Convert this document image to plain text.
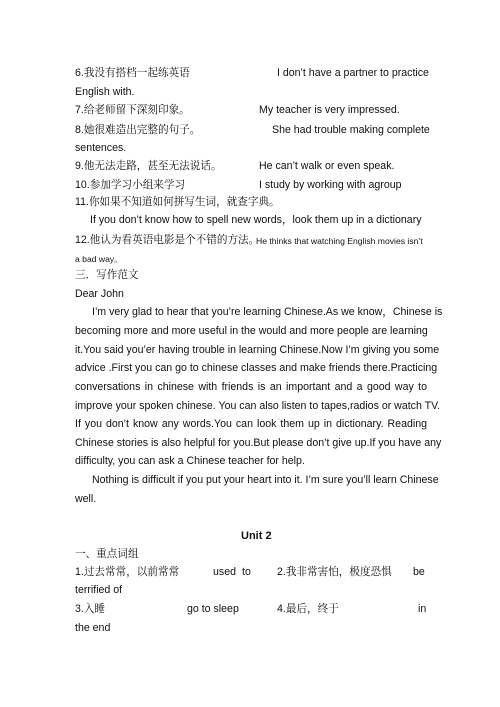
6.我没有搭档一起练英语	I don’t have a partner to practice
English with.
7.给老师留下深刻印象。	My teacher is very impressed.
8.她很难造出完整的句子。	She had trouble making complete
sentences.
9.他无法走路，甚至无法说话。	He can’t walk or even speak.
10.参加学习小组来学习	I study by working with agroup
11.你如果不知道如何拼写生词，就查字典。
If you don’t know how to spell new words，look them up in a dictionary
12.他认为看英语电影是个不错的方法。
He thinks that watching English movies isn’t
a bad way。
三．写作范文
Dear John
I’m very glad to hear that you’re learning Chinese.As we know，Chinese is
becoming more and more useful in the would and more people are learning
it.You said you’er having trouble in learning Chinese.Now I’m giving you some
advice .First you can go to chinese classes and make friends there.Practicing
conversations in chinese with friends is an important and a good way to
improve your spoken chinese. You can also listen to tapes,radios or watch TV.
If you don’t know any words.You can look them up in dictionary. Reading
Chinese stories is also helpful for you.But please don’t give up.If you have any
difficulty, you can ask a Chinese teacher for help.
Nothing is difficult if you put your heart into it. I’m sure you’ll learn Chinese
well.
Unit 2
一、重点词组
1.过去常常，以前常常	used to 2.我非常害怕，极度恐惧 be
terrified of
3.入睡	go to sleep	4.最后，终于	in
the end
